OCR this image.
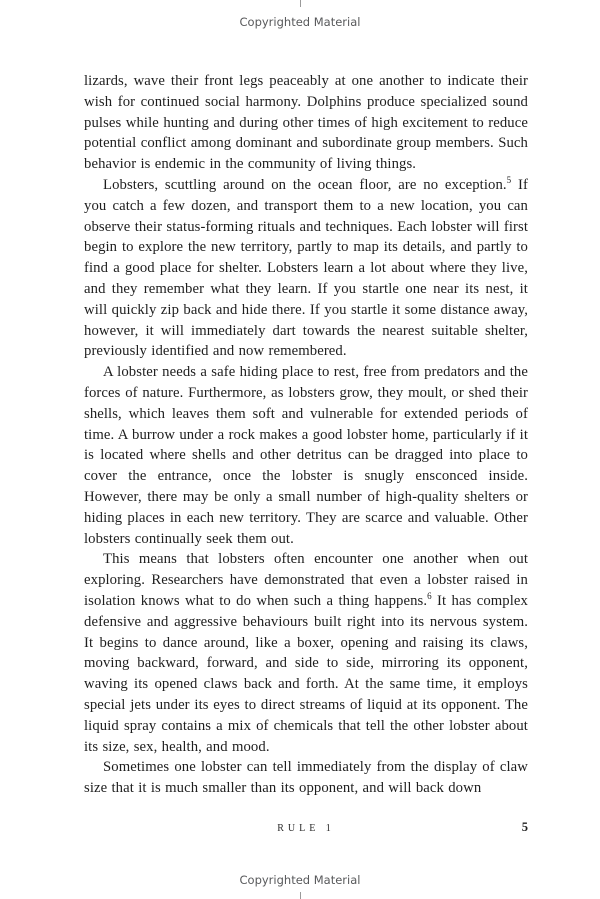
Copyrighted Material

lizards, wave their front legs peaceably at one another to indicate their wish for continued social harmony. Dolphins produce specialized sound pulses while hunting and during other times of high excitement to reduce potential conflict among dominant and subordinate group members. Such behavior is endemic in the community of living things.

Lobsters, scuttling around on the ocean floor, are no exception.$^5$ If you catch a few dozen, and transport them to a new location, you can observe their status-forming rituals and techniques. Each lobster will first begin to explore the new territory, partly to map its details, and partly to find a good place for shelter. Lobsters learn a lot about where they live, and they remember what they learn. If you startle one near its nest, it will quickly zip back and hide there. If you startle it some distance away, however, it will immediately dart towards the nearest suitable shelter, previously identified and now remembered.

A lobster needs a safe hiding place to rest, free from predators and the forces of nature. Furthermore, as lobsters grow, they moult, or shed their shells, which leaves them soft and vulnerable for extended periods of time. A burrow under a rock makes a good lobster home, particularly if it is located where shells and other detritus can be dragged into place to cover the entrance, once the lobster is snugly ensconced inside. However, there may be only a small number of high-quality shelters or hiding places in each new territory. They are scarce and valuable. Other lobsters continually seek them out.

This means that lobsters often encounter one another when out exploring. Researchers have demonstrated that even a lobster raised in isolation knows what to do when such a thing happens.$^6$ It has complex defensive and aggressive behaviours built right into its nervous system. It begins to dance around, like a boxer, opening and raising its claws, moving backward, forward, and side to side, mirroring its opponent, waving its opened claws back and forth. At the same time, it employs special jets under its eyes to direct streams of liquid at its opponent. The liquid spray contains a mix of chemicals that tell the other lobster about its size, sex, health, and mood.

Sometimes one lobster can tell immediately from the display of claw size that it is much smaller than its opponent, and will back down

RULE 1	5
Copyrighted Material
